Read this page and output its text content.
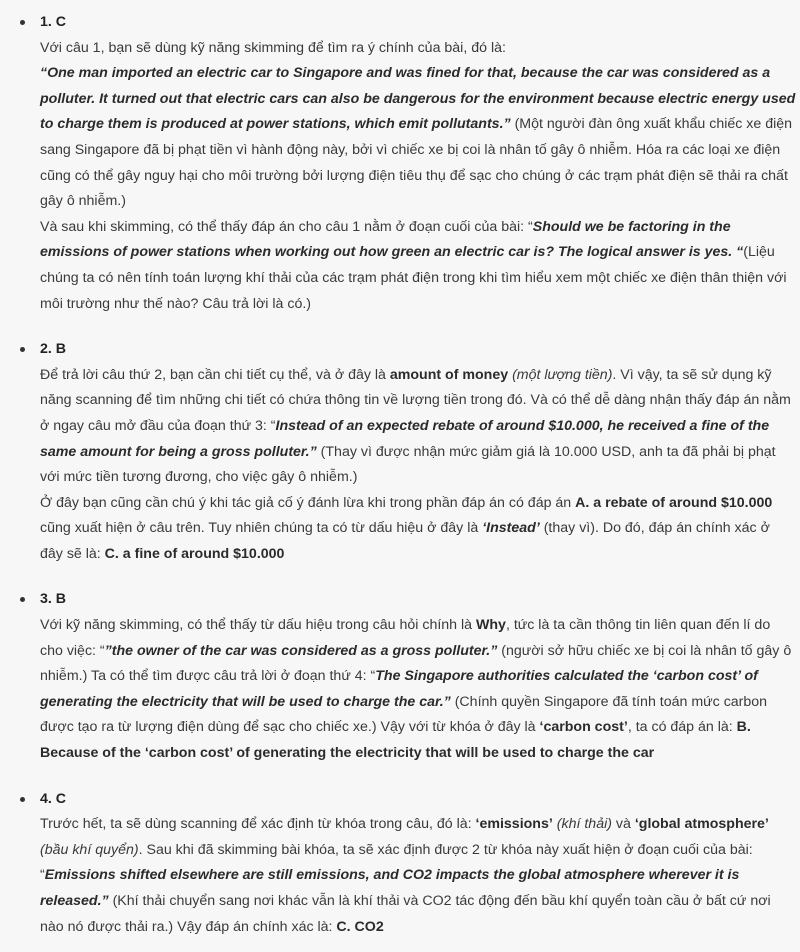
1. C

Với câu 1, bạn sẽ dùng kỹ năng skimming để tìm ra ý chính của bài, đó là:
“One man imported an electric car to Singapore and was fined for that, because the car was considered as a polluter. It turned out that electric cars can also be dangerous for the environment because electric energy used to charge them is produced at power stations, which emit pollutants.” (Một người đàn ông xuất khẩu chiếc xe điện sang Singapore đã bị phạt tiền vì hành động này, bởi vì chiếc xe bị coi là nhân tố gây ô nhiễm. Hóa ra các loại xe điện cũng có thể gây nguy hại cho môi trường bởi lượng điện tiêu thụ để sạc cho chúng ở các trạm phát điện sẽ thải ra chất gây ô nhiễm.)

Và sau khi skimming, có thể thấy đáp án cho câu 1 nằm ở đoạn cuối của bài: “Should we be factoring in the emissions of power stations when working out how green an electric car is? The logical answer is yes. “(Liệu chúng ta có nên tính toán lượng khí thải của các trạm phát điện trong khi tìm hiểu xem một chiếc xe điện thân thiện với môi trường như thế nào? Câu trả lời là có.)

2. B

Để trả lời câu thứ 2, bạn cần chi tiết cụ thể, và ở đây là amount of money (một lượng tiền). Vì vậy, ta sẽ sử dụng kỹ năng scanning để tìm những chi tiết có chứa thông tin về lượng tiền trong đó. Và có thể dễ dàng nhận thấy đáp án nằm ở ngay câu mở đầu của đoạn thứ 3: “Instead of an expected rebate of around $10.000, he received a fine of the same amount for being a gross polluter.” (Thay vì được nhận mức giảm giá là 10.000 USD, anh ta đã phải bị phạt với mức tiền tương đương, cho việc gây ô nhiễm.)

Ở đây bạn cũng cần chú ý khi tác giả cố ý đánh lừa khi trong phần đáp án có đáp án A. a rebate of around $10.000 cũng xuất hiện ở câu trên. Tuy nhiên chúng ta có từ dấu hiệu ở đây là ‘Instead’ (thay vì). Do đó, đáp án chính xác ở đây sẽ là: C. a fine of around $10.000

3. B

Với kỹ năng skimming, có thể thấy từ dấu hiệu trong câu hỏi chính là Why, tức là ta cần thông tin liên quan đến lí do cho việc: “”the owner of the car was considered as a gross polluter.” (người sở hữu chiếc xe bị coi là nhân tố gây ô nhiễm.) Ta có thể tìm được câu trả lời ở đoạn thứ 4: “The Singapore authorities calculated the ‘carbon cost’ of generating the electricity that will be used to charge the car.” (Chính quyền Singapore đã tính toán mức carbon được tạo ra từ lượng điện dùng để sạc cho chiếc xe.) Vậy với từ khóa ở đây là ‘carbon cost’, ta có đáp án là: B. Because of the ‘carbon cost’ of generating the electricity that will be used to charge the car

4. C

Trước hết, ta sẽ dùng scanning để xác định từ khóa trong câu, đó là: ‘emissions’ (khí thải) và ‘global atmosphere’ (bầu khí quyển). Sau khi đã skimming bài khóa, ta sẽ xác định được 2 từ khóa này xuất hiện ở đoạn cuối của bài: “Emissions shifted elsewhere are still emissions, and CO2 impacts the global atmosphere wherever it is released.” (Khí thải chuyển sang nơi khác vẫn là khí thải và CO2 tác động đến bầu khí quyển toàn cầu ở bất cứ nơi nào nó được thải ra.) Vậy đáp án chính xác là: C. CO2
